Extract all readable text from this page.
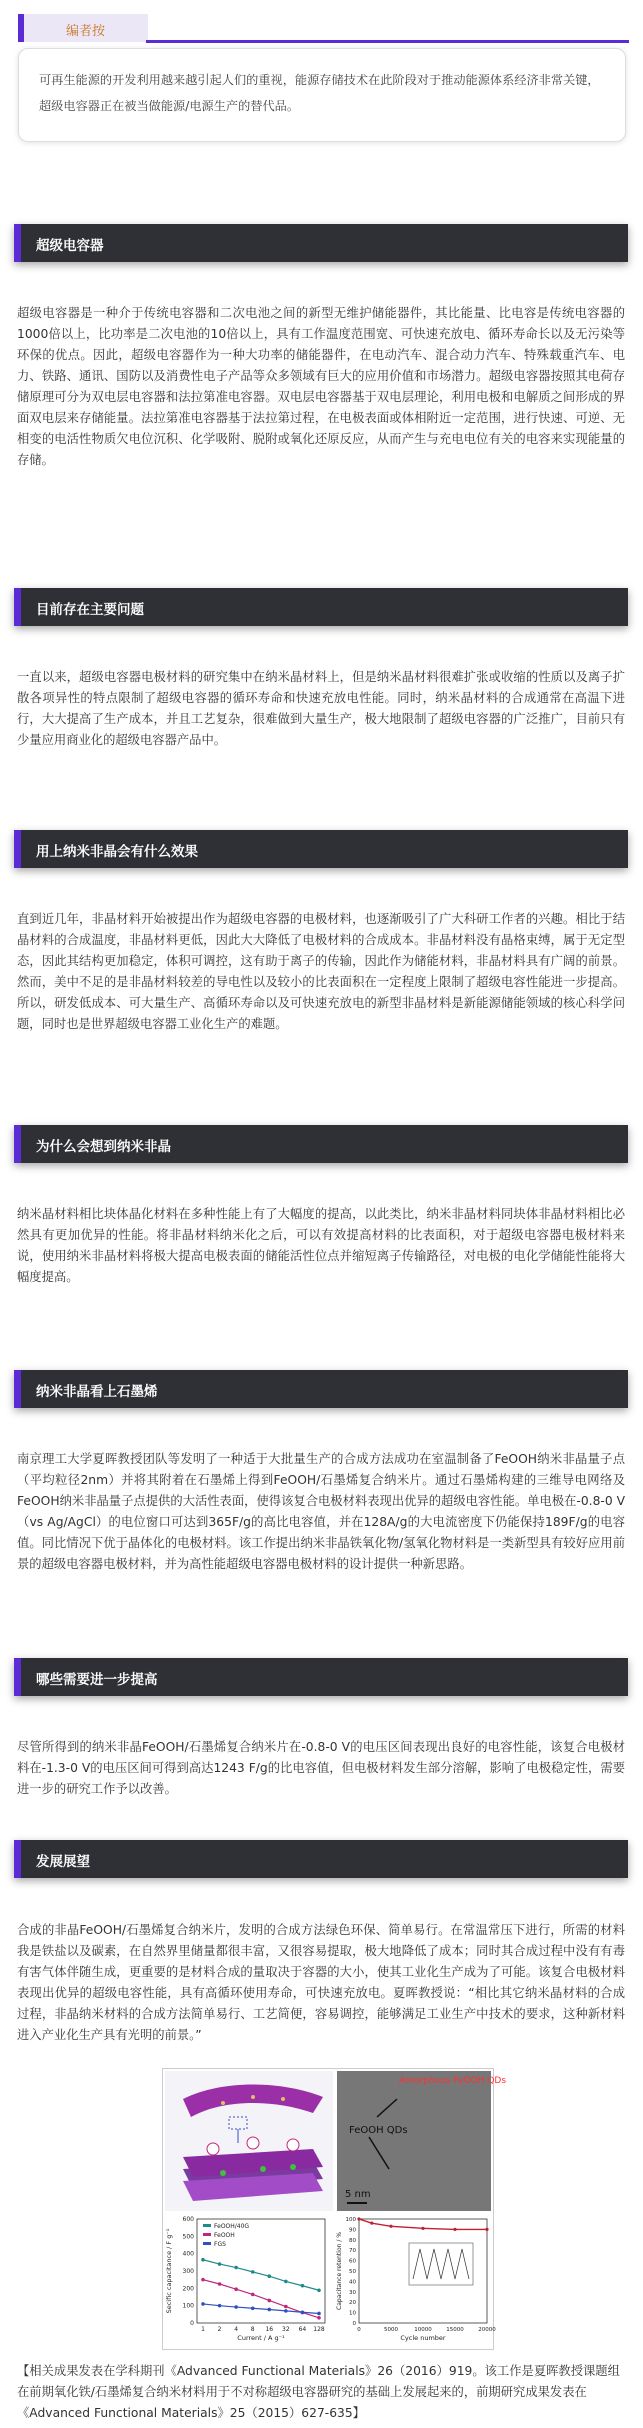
编者按

可再生能源的开发利用越来越引起人们的重视，能源存储技术在此阶段对于推动能源体系经济非常关键，超级电容器正在被当做能源/电源生产的替代品。

超级电容器

超级电容器是一种介于传统电容器和二次电池之间的新型无维护储能器件，其比能量、比电容是传统电容器的1000倍以上，比功率是二次电池的10倍以上，具有工作温度范围宽、可快速充放电、循环寿命长以及无污染等环保的优点。因此，超级电容器作为一种大功率的储能器件，在电动汽车、混合动力汽车、特殊载重汽车、电力、铁路、通讯、国防以及消费性电子产品等众多领域有巨大的应用价值和市场潜力。超级电容器按照其电荷存储原理可分为双电层电容器和法拉第准电容器。双电层电容器基于双电层理论，利用电极和电解质之间形成的界面双电层来存储能量。法拉第准电容器基于法拉第过程，在电极表面或体相附近一定范围，进行快速、可逆、无相变的电活性物质欠电位沉积、化学吸附、脱附或氧化还原反应，从而产生与充电电位有关的电容来实现能量的存储。

目前存在主要问题

一直以来，超级电容器电极材料的研究集中在纳米晶材料上，但是纳米晶材料很难扩张或收缩的性质以及离子扩散各项异性的特点限制了超级电容器的循环寿命和快速充放电性能。同时，纳米晶材料的合成通常在高温下进行，大大提高了生产成本，并且工艺复杂，很难做到大量生产，极大地限制了超级电容器的广泛推广，目前只有少量应用商业化的超级电容器产品中。

用上纳米非晶会有什么效果

直到近几年，非晶材料开始被提出作为超级电容器的电极材料，也逐渐吸引了广大科研工作者的兴趣。相比于结晶材料的合成温度，非晶材料更低，因此大大降低了电极材料的合成成本。非晶材料没有晶格束缚，属于无定型态，因此其结构更加稳定，体积可调控，这有助于离子的传输，因此作为储能材料，非晶材料具有广阔的前景。然而，美中不足的是非晶材料较差的导电性以及较小的比表面积在一定程度上限制了超级电容性能进一步提高。所以，研发低成本、可大量生产、高循环寿命以及可快速充放电的新型非晶材料是新能源储能领域的核心科学问题，同时也是世界超级电容器工业化生产的难题。

为什么会想到纳米非晶

纳米晶材料相比块体晶化材料在多种性能上有了大幅度的提高，以此类比，纳米非晶材料同块体非晶材料相比必然具有更加优异的性能。将非晶材料纳米化之后，可以有效提高材料的比表面积，对于超级电容器电极材料来说，使用纳米非晶材料将极大提高电极表面的储能活性位点并缩短离子传输路径，对电极的电化学储能性能将大幅度提高。

纳米非晶看上石墨烯

南京理工大学夏晖教授团队等发明了一种适于大批量生产的合成方法成功在室温制备了FeOOH纳米非晶量子点（平均粒径2nm）并将其附着在石墨烯上得到FeOOH/石墨烯复合纳米片。通过石墨烯构建的三维导电网络及FeOOH纳米非晶量子点提供的大活性表面，使得该复合电极材料表现出优异的超级电容性能。单电极在-0.8-0 V（vs Ag/AgCl）的电位窗口可达到365F/g的高比电容值，并在128A/g的大电流密度下仍能保持189F/g的电容值。同比情况下优于晶体化的电极材料。该工作提出纳米非晶铁氧化物/氢氧化物材料是一类新型具有较好应用前景的超级电容器电极材料，并为高性能超级电容器电极材料的设计提供一种新思路。

哪些需要进一步提高

尽管所得到的纳米非晶FeOOH/石墨烯复合纳米片在-0.8-0 V的电压区间表现出良好的电容性能，该复合电极材料在-1.3-0 V的电压区间可得到高达1243 F/g的比电容值，但电极材料发生部分溶解，影响了电极稳定性，需要进一步的研究工作予以改善。

发展展望

合成的非晶FeOOH/石墨烯复合纳米片，发明的合成方法绿色环保、简单易行。在常温常压下进行，所需的材料我是铁盐以及碳素，在自然界里储量都很丰富，又很容易提取，极大地降低了成本；同时其合成过程中没有有毒有害气体伴随生成，更重要的是材料合成的量取决于容器的大小，使其工业化生产成为了可能。该复合电极材料表现出优异的超级电容性能，具有高循环使用寿命，可快速充放电。夏晖教授说：“相比其它纳米晶材料的合成过程，非晶纳米材料的合成方法简单易行、工艺简便，容易调控，能够满足工业生产中技术的要求，这种新材料进入产业化生产具有光明的前景。”

Amorphous FeOOH QDs
FeOOH QDs
5 nm
1 2 4 8 16 32 64 128
0
100
200
300
400
500
600
Current / A g⁻¹
Secific capacitance / F g⁻¹
FeOOH/40G
FeOOH
FGS
0	5000	10000	15000	20000
0
10
20
30
40
50
60
70
80
90
100
Cycle number
Capacitance retention / %

【相关成果发表在学科期刊《Advanced Functional Materials》26（2016）919。该工作是夏晖教授课题组在前期氧化铁/石墨烯复合纳米材料用于不对称超级电容器研究的基础上发展起来的，前期研究成果发表在《Advanced Functional Materials》25（2015）627-635】
